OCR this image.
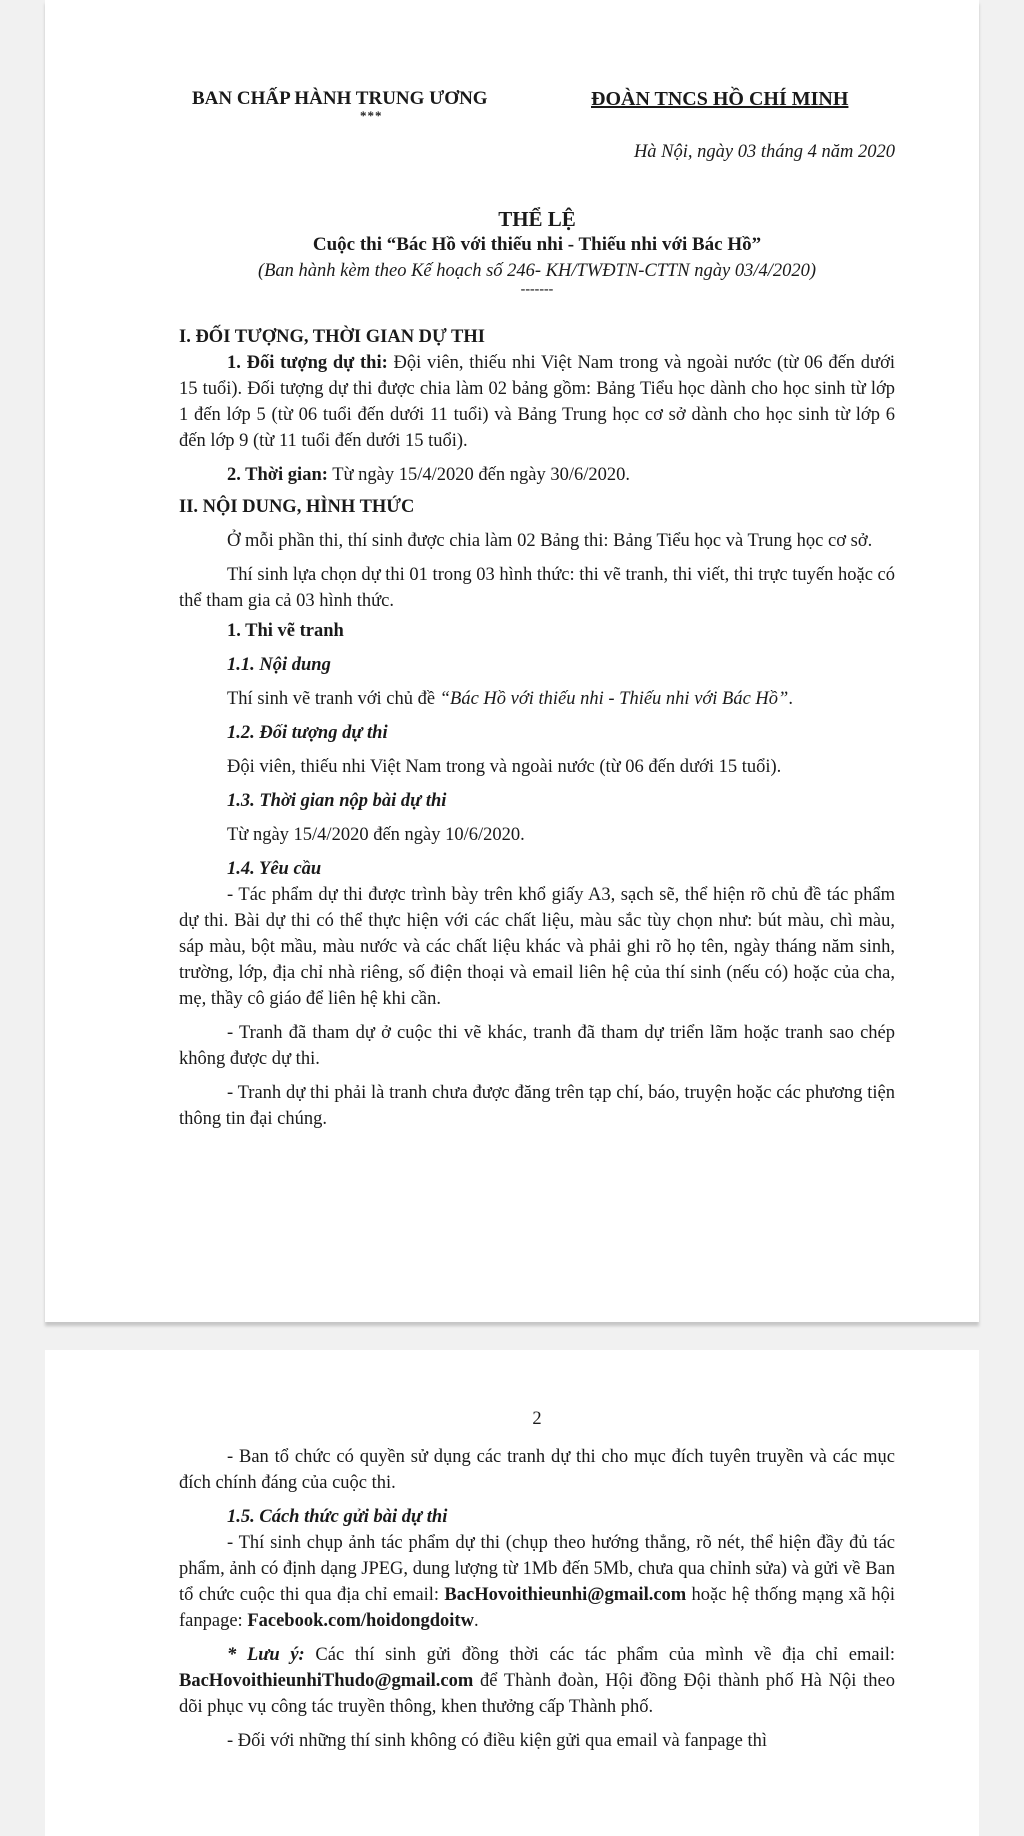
BAN CHẤP HÀNH TRUNG ƯƠNG
***
ĐOÀN TNCS HỒ CHÍ MINH
Hà Nội, ngày 03 tháng 4 năm 2020
THỂ LỆ
Cuộc thi “Bác Hồ với thiếu nhi - Thiếu nhi với Bác Hồ”
(Ban hành kèm theo Kế hoạch số 246- KH/TWĐTN-CTTN ngày 03/4/2020)
-------
I. ĐỐI TƯỢNG, THỜI GIAN DỰ THI

1. Đối tượng dự thi: Đội viên, thiếu nhi Việt Nam trong và ngoài nước (từ 06 đến dưới 15 tuổi). Đối tượng dự thi được chia làm 02 bảng gồm: Bảng Tiểu học dành cho học sinh từ lớp 1 đến lớp 5 (từ 06 tuổi đến dưới 11 tuổi) và Bảng Trung học cơ sở dành cho học sinh từ lớp 6 đến lớp 9 (từ 11 tuổi đến dưới 15 tuổi).

2. Thời gian: Từ ngày 15/4/2020 đến ngày 30/6/2020.

II. NỘI DUNG, HÌNH THỨC

Ở mỗi phần thi, thí sinh được chia làm 02 Bảng thi: Bảng Tiểu học và Trung học cơ sở.

Thí sinh lựa chọn dự thi 01 trong 03 hình thức: thi vẽ tranh, thi viết, thi trực tuyến hoặc có thể tham gia cả 03 hình thức.

1. Thi vẽ tranh
1.1. Nội dung

Thí sinh vẽ tranh với chủ đề “Bác Hồ với thiếu nhi - Thiếu nhi với Bác Hồ”.

1.2. Đối tượng dự thi

Đội viên, thiếu nhi Việt Nam trong và ngoài nước (từ 06 đến dưới 15 tuổi).

1.3. Thời gian nộp bài dự thi

Từ ngày 15/4/2020 đến ngày 10/6/2020.

1.4. Yêu cầu

- Tác phẩm dự thi được trình bày trên khổ giấy A3, sạch sẽ, thể hiện rõ chủ đề tác phẩm dự thi. Bài dự thi có thể thực hiện với các chất liệu, màu sắc tùy chọn như: bút màu, chì màu, sáp màu, bột mầu, màu nước và các chất liệu khác và phải ghi rõ họ tên, ngày tháng năm sinh, trường, lớp, địa chỉ nhà riêng, số điện thoại và email liên hệ của thí sinh (nếu có) hoặc của cha, mẹ, thầy cô giáo để liên hệ khi cần.

- Tranh đã tham dự ở cuộc thi vẽ khác, tranh đã tham dự triển lãm hoặc tranh sao chép không được dự thi.

- Tranh dự thi phải là tranh chưa được đăng trên tạp chí, báo, truyện hoặc các phương tiện thông tin đại chúng.

2

- Ban tổ chức có quyền sử dụng các tranh dự thi cho mục đích tuyên truyền và các mục đích chính đáng của cuộc thi.

1.5. Cách thức gửi bài dự thi

- Thí sinh chụp ảnh tác phẩm dự thi (chụp theo hướng thẳng, rõ nét, thể hiện đầy đủ tác phẩm, ảnh có định dạng JPEG, dung lượng từ 1Mb đến 5Mb, chưa qua chỉnh sửa) và gửi về Ban tổ chức cuộc thi qua địa chỉ email: BacHovoithieunhi@gmail.com hoặc hệ thống mạng xã hội fanpage: Facebook.com/hoidongdoitw.

* Lưu ý: Các thí sinh gửi đồng thời các tác phẩm của mình về địa chỉ email: BacHovoithieunhiThudo@gmail.com để Thành đoàn, Hội đồng Đội thành phố Hà Nội theo dõi phục vụ công tác truyền thông, khen thưởng cấp Thành phố.

- Đối với những thí sinh không có điều kiện gửi qua email và fanpage thì
